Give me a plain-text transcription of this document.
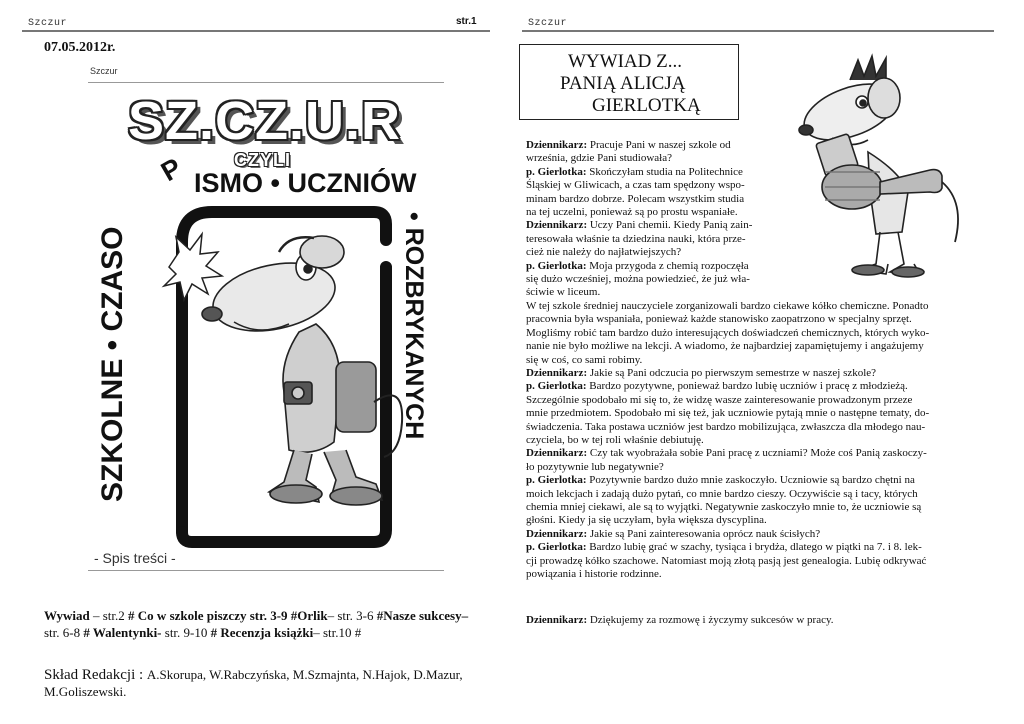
Szczur	str.1
07.05.2012r.
Szczur
SZ.CZ.U.R
CZYLI
SZKOLNE • CZASO
ISMO • UCZNIÓW
P
• ROZBRYKANYCH
- Spis treści -
Wywiad – str.2 # Co w szkole piszczy str. 3-9 #Orlik– str. 3-6 #Nasze sukcesy–
str. 6-8 # Walentynki- str. 9-10 # Recenzja książki– str.10 #
Skład Redakcji : A.Skorupa, W.Rabczyńska, M.Szmajnta, N.Hajok, D.Mazur,
M.Goliszewski.
Szczur
WYWIAD Z...
PANIĄ ALICJĄ
GIERLOTKĄ
Dziennikarz: Pracuje Pani w naszej szkole od
września, gdzie Pani studiowała?
p. Gierlotka: Skończyłam studia na Politechnice
Śląskiej w Gliwicach, a czas tam spędzony wspo-
minam bardzo dobrze. Polecam wszystkim studia
na tej uczelni, ponieważ są po prostu wspaniałe.
Dziennikarz: Uczy Pani chemii. Kiedy Panią zain-
teresowała właśnie ta dziedzina nauki, która prze-
cież nie należy do najłatwiejszych?
p. Gierlotka: Moja przygoda z chemią rozpoczęła
się dużo wcześniej, można powiedzieć, że już wła-
ściwie w liceum.
W tej szkole średniej nauczyciele zorganizowali bardzo ciekawe kółko chemiczne. Ponadto
pracownia była wspaniała, ponieważ każde stanowisko zaopatrzono w specjalny sprzęt.
Mogliśmy robić tam bardzo dużo interesujących doświadczeń chemicznych, których wyko-
nanie nie było możliwe na lekcji. A wiadomo, że najbardziej zapamiętujemy i angażujemy
się w coś, co sami robimy.
Dziennikarz: Jakie są Pani odczucia po pierwszym semestrze w naszej szkole?
p. Gierlotka: Bardzo pozytywne, ponieważ bardzo lubię uczniów i pracę z młodzieżą.
Szczególnie spodobało mi się to, że widzę wasze zainteresowanie prowadzonym przeze
mnie przedmiotem. Spodobało mi się też, jak uczniowie pytają mnie o następne tematy, do-
świadczenia. Taka postawa uczniów jest bardzo mobilizująca, zwłaszcza dla młodego nau-
czyciela, bo w tej roli właśnie debiutuję.
Dziennikarz: Czy tak wyobrażała sobie Pani pracę z uczniami? Może coś Panią zaskoczy-
ło pozytywnie lub negatywnie?
p. Gierlotka: Pozytywnie bardzo dużo mnie zaskoczyło. Uczniowie są bardzo chętni na
moich lekcjach i zadają dużo pytań, co mnie bardzo cieszy. Oczywiście są i tacy, których
chemia mniej ciekawi, ale są to wyjątki. Negatywnie zaskoczyło mnie to, że uczniowie są
głośni. Kiedy ja się uczyłam, była większa dyscyplina.
Dziennikarz: Jakie są Pani zainteresowania oprócz nauk ścisłych?
p. Gierlotka: Bardzo lubię grać w szachy, tysiąca i brydża, dlatego w piątki na 7. i 8. lek-
cji prowadzę kółko szachowe. Natomiast moją złotą pasją jest genealogia. Lubię odkrywać
powiązania i historie rodzinne.
Dziennikarz: Dziękujemy za rozmowę i życzymy sukcesów w pracy.
